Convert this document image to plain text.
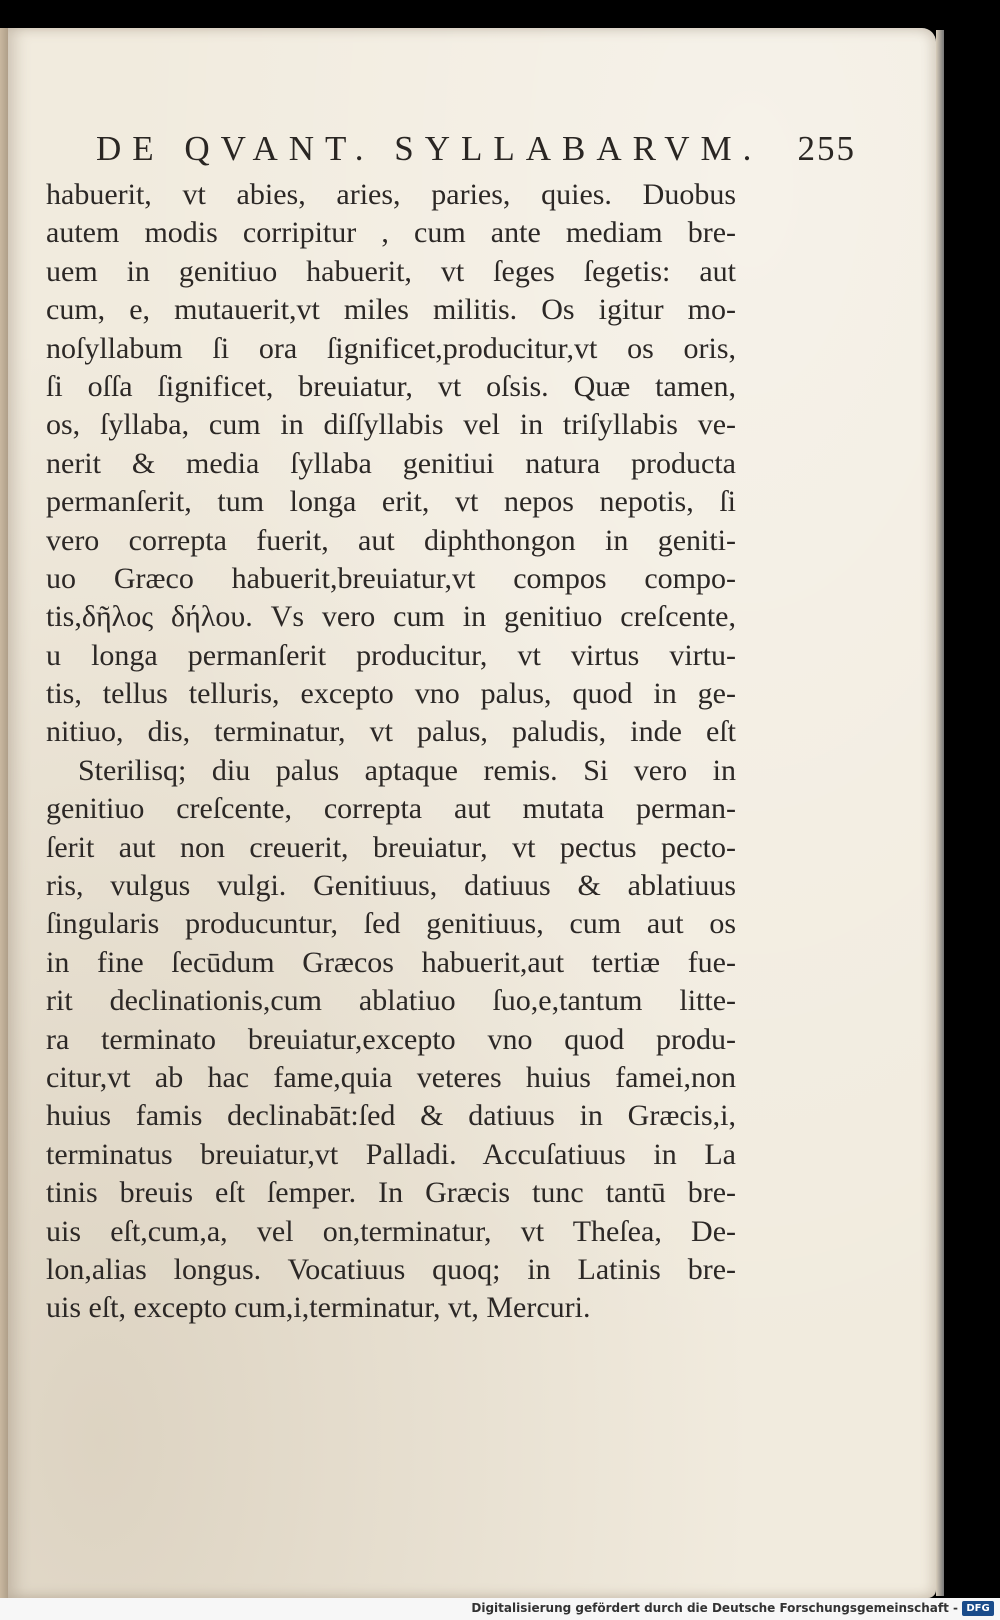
DE QVANT. SYLLABARVM. 255
habuerit, vt abies, aries, paries, quies. Duobus
autem modis corripitur , cum ante mediam bre-
uem in genitiuo habuerit, vt ſeges ſegetis: aut
cum, e, mutauerit,vt miles militis. Os igitur mo-
noſyllabum ſi ora ſignificet,producitur,vt os oris,
ſi oſſa ſignificet, breuiatur, vt oſsis. Quæ tamen,
os, ſyllaba, cum in diſſyllabis vel in triſyllabis ve-
nerit & media ſyllaba genitiui natura producta
permanſerit, tum longa erit, vt nepos nepotis, ſi
vero correpta fuerit, aut diphthongon in geniti-
uo Græco habuerit,breuiatur,vt compos compo-
tis,δῆλος δήλου. Vs vero cum in genitiuo creſcente,
u longa permanſerit producitur, vt virtus virtu-
tis, tellus telluris, excepto vno palus, quod in ge-
nitiuo, dis, terminatur, vt palus, paludis, inde eſt
Sterilisq; diu palus aptaque remis. Si vero in
genitiuo creſcente, correpta aut mutata perman-
ſerit aut non creuerit, breuiatur, vt pectus pecto-
ris, vulgus vulgi. Genitiuus, datiuus & ablatiuus
ſingularis producuntur, ſed genitiuus, cum aut os
in fine ſecūdum Græcos habuerit,aut tertiæ fue-
rit declinationis,cum ablatiuo ſuo,e,tantum litte-
ra terminato breuiatur,excepto vno quod produ-
citur,vt ab hac fame,quia veteres huius famei,non
huius famis declinabāt:ſed & datiuus in Græcis,i,
terminatus breuiatur,vt Palladi. Accuſatiuus in La
tinis breuis eſt ſemper. In Græcis tunc tantū bre-
uis eſt,cum,a, vel on,terminatur, vt Theſea, De-
lon,alias longus. Vocatiuus quoq; in Latinis bre-
uis eſt, excepto cum,i,terminatur, vt, Mercuri.
Digitalisierung gefördert durch die Deutsche Forschungsgemeinschaft - DFG
